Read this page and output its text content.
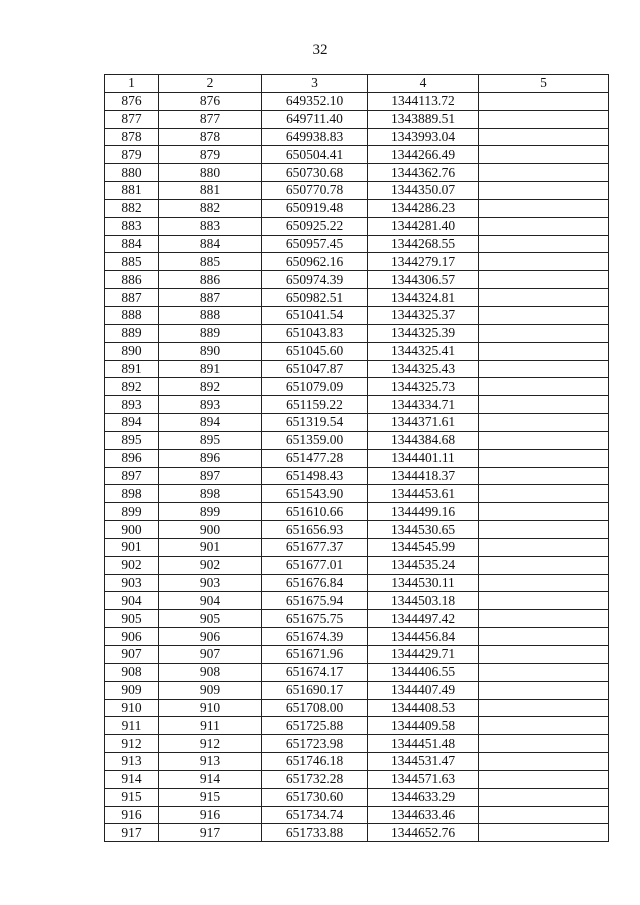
32
1	2	3	4	5
876	876	649352.10	1344113.72	
877	877	649711.40	1343889.51	
878	878	649938.83	1343993.04	
879	879	650504.41	1344266.49	
880	880	650730.68	1344362.76	
881	881	650770.78	1344350.07	
882	882	650919.48	1344286.23	
883	883	650925.22	1344281.40	
884	884	650957.45	1344268.55	
885	885	650962.16	1344279.17	
886	886	650974.39	1344306.57	
887	887	650982.51	1344324.81	
888	888	651041.54	1344325.37	
889	889	651043.83	1344325.39	
890	890	651045.60	1344325.41	
891	891	651047.87	1344325.43	
892	892	651079.09	1344325.73	
893	893	651159.22	1344334.71	
894	894	651319.54	1344371.61	
895	895	651359.00	1344384.68	
896	896	651477.28	1344401.11	
897	897	651498.43	1344418.37	
898	898	651543.90	1344453.61	
899	899	651610.66	1344499.16	
900	900	651656.93	1344530.65	
901	901	651677.37	1344545.99	
902	902	651677.01	1344535.24	
903	903	651676.84	1344530.11	
904	904	651675.94	1344503.18	
905	905	651675.75	1344497.42	
906	906	651674.39	1344456.84	
907	907	651671.96	1344429.71	
908	908	651674.17	1344406.55	
909	909	651690.17	1344407.49	
910	910	651708.00	1344408.53	
911	911	651725.88	1344409.58	
912	912	651723.98	1344451.48	
913	913	651746.18	1344531.47	
914	914	651732.28	1344571.63	
915	915	651730.60	1344633.29	
916	916	651734.74	1344633.46	
917	917	651733.88	1344652.76	
